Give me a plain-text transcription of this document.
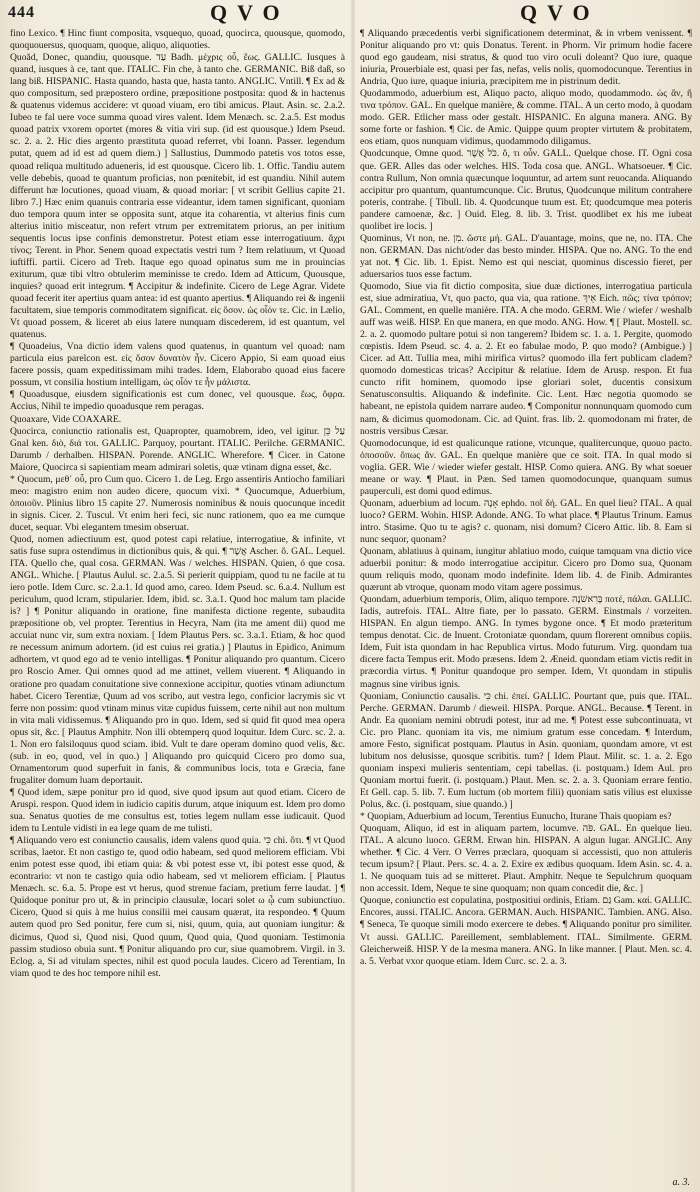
444	QVO	QVO

fino Lexico. ¶ Hinc fiunt composita, vsquequo, quoad, quocirca, quousque, quomodo, quoquouersus, quoquam, quoque, aliquo, aliquoties.

Quoăd, Donec, quandiu, quousque. עַד Badh. μέχρις οὗ, ἕως. GALLIC. Iusques à quand, iusques à ce, tant que. ITALIC. Fin che, à tanto che. GERMANIC. Biß daß, so lang biß. HISPANIC. Hasta quando, hasta que, hasta tanto. ANGLIC. Vntill. ¶ Ex ad & quo compositum, sed præpostero ordine, præpositione postposita: quod & in hactenus & quatenus videmus accidere: vt quoad viuam, ero tibi amicus. Plaut. Asin. sc. 2.a.2. Iubeo te fal uere voce summa quoad vires valent. Idem Menæch. sc. 2.a.5. Est modus quoad patrix vxorem oportet (mores & vitia viri sup. (id est quousque.) Idem Pseud. sc. 2. a. 2. Hic dies argento præstituta quoad referret, vbi Ioann. Passer. legendum putat, quem ad id est ad quem diem.) ] Sallustius, Dummodo patetis vos totos esse, quoad reliqua multitudo adueneris, id est quousque. Cicero lib. 1. Offic. Tandiu autem velle debebis, quoad te quantum proficias, non pœnitebit, id est quandiu. Nihil autem differunt hæ locutiones, quoad viuam, & quoad moriar: [ vt scribit Gellius capite 21. libro 7.] Hæc enim quanuis contraria esse videantur, idem tamen significant, quoniam duo tempora quum inter se opposita sunt, atque ita coharentia, vt alterius finis cum alterius initio misceatur, non refert vtrum per extremitatem priorus, an per initium sequentis locus ipse confinis demonstretur. Potest etiam esse interrogatiuum. ἄχρι τίνος; Terent. in Phor. Senem quoad expectatis vestri tum ? Item relatiuum, vt Quoad iuftiffi. partii. Cicero ad Treb. Itaque ego quoad opinatus sum me in prouincias exiturum, quæ tibi vltro obtulerim meminisse te credo. Idem ad Atticum, Quousque, inquies? quoad erit integrum. ¶ Accipitur & indefinite. Cicero de Lege Agrar. Videte quoad fecerit iter apertius quam antea: id est quanto apertius. ¶ Aliquando rei & ingenii facultatem, siue temporis commoditatem significat. εἰς ὅσον. ὡς οἷόν τε. Cic. in Lælio, Vt quoad possem, & liceret ab eius latere nunquam discederem, id est quantum, vel quatenus.

¶ Quoadeius, Vna dictio idem valens quod quatenus, in quantum vel quoad: nam particula eius parelcon est. εἰς ὅσον δυνατὸν ἦν. Cicero Appio, Si eam quoad eius facere possis, quam expeditissimam mihi trades. Idem, Elaborabo quoad eius facere possum, vt consilia hostium intelligam, ὡς οἷόν τε ἦν μάλιστα.

¶ Quoadusque, eiusdem significationis est cum donec, vel quousque. ἕως, ὄφρα. Accius, Nihil te impedio quoadusque rem peragas.

Quoaxare, Vide COAXARE.

Quocirca, coniunctio rationalis est, Quapropter, quamobrem, ideo, vel igitur. עַל כֵּן Gnal ken. διὸ, διά τοι. GALLIC. Parquoy, pourtant. ITALIC. Perilche. GERMANIC. Darumb / derhalben. HISPAN. Porende. ANGLIC. Wherefore. ¶ Cicer. in Catone Maiore, Quocirca si sapientiam meam admirari soletis, quæ vtinam digna esset, &c.

* Quocum, μεθ᾽ οὗ, pro Cum quo. Cicero 1. de Leg. Ergo assentiris Antiocho familiari meo: magistro enim non audeo dicere, quocum vixi. * Quocumque, Aduerbium, ὁποιοῦν. Plinius libro 15 capite 27. Numerosis nominibus & nouis quocunque incedit in signis. Cicer. 2. Tuscul. Vt enim heri feci, sic nunc rationem, quo ea me cumque ducet, sequar. Vbi elegantem tmesim obseruat.

Quod, nomen adiectiuum est, quod potest capi relatiue, interrogatiue, & infinite, vt satis fuse supra ostendimus in dictionibus quis, & qui. ¶ אֲשֶׁר Ascher. ὅ. GAL. Lequel. ITA. Quello che, qual cosa. GERMAN. Was / welches. HISPAN. Quien, ó que cosa. ANGL. Whiche. [ Plautus Aulul. sc. 2.a.5. Si perierit quippiam, quod tu ne facile at tu iero potle. Idem Curc. sc. 2.a.1. Id quod amo, careo. Idem Pseud. sc. 6.a.4. Nullum est periculum, quod lcram, stipularier. Idem, ibid. sc. 3.a.1. Quod hoc malum tam placide is? ] ¶ Ponitur aliquando in oratione, fine manifesta dictione regente, subaudita præpositione ob, vel propter. Terentius in Hecyra, Nam (ita me ament dii) quod me accuiat nunc vir, sum extra noxiam. [ Idem Plautus Pers. sc. 3.a.1. Etiam, & hoc quod re necessum animum adortem. (id est cuius rei gratia.) ] Plautus in Epidico, Animum adhortem, vt quod ego ad te venio intelligas. ¶ Ponitur aliquando pro quantum. Cicero pro Roscio Amer. Qui omnes quod ad me attinet, vellem viuerent. ¶ Aliquando in oratione pro quadam conuitatione sive connexione accipitur, quoties vtinam adiunctum habet. Cicero Terentiæ, Quum ad vos scribo, aut vestra lego, conficior lacrymis sic vt ferre non possim: quod vtinam minus vitæ cupidus fuissem, certe nihil aut non multum in vita mali vidissemus. ¶ Aliquando pro in quo. Idem, sed si quid fit quod mea opera opus sit, &c. [ Plautus Amphitr. Non illi obtemperq quod loquitur. Idem Curc. sc. 2. a. 1. Non ero falsiloquus quod sciam. ibid. Vult te dare operam domino quod velis, &c. (sub. in eo, quod, vel in quo.) ] Aliquando pro quicquid Cicero pro domo sua, Ornamentorum quod superfuit in fanis, & communibus locis, tota e Græcia, fane frugaliter domum luam deportauit.

¶ Quod idem, sæpe ponitur pro id quod, sive quod ipsum aut quod etiam. Cicero de Aruspi. respon. Quod idem in iudicio capitis durum, atque iniquum est. Idem pro domo sua. Senatus quoties de me consultus est, toties legem nullam esse iudicauit. Quod idem tu Lentule vidisti in ea lege quam de me tulisti.

¶ Aliquando vero est coniunctio causalis, idem valens quod quia. כִּי chi. ὅτι. ¶ vt Quod scribas, laetor. Et non castigo te, quod odio habeam, sed quod meliorem efficiam. Vbi enim potest esse quod, ibi etiam quia: & vbi potest esse vt, ibi potest esse quod, & econtrario: vt non te castigo quia odio habeam, sed vt meliorem efficiam. [ Plautus Menæch. sc. 6.a. 5. Prope est vt herus, quod strenue faciam, pretium ferre laudat. ] ¶ Quidoque ponitur pro ut, & in principio clausulæ, locari solet ω ᾧ cum subiunctiuo. Cicero, Quod si quis à me huius consilii mei causam quærat, ita respondeo. ¶ Quum autem quod pro Sed ponitur, fere cum si, nisi, quum, quia, aut quoniam iungitur: & dicimus, Quod si, Quod nisi, Quod quum, Quod quia, Quod quoniam. Testimonia passim studioso obuia sunt. ¶ Ponitur aliquando pro cur, siue quamobrem. Virgil. in 3. Eclog. a, Si ad vitulam spectes, nihil est quod pocula laudes. Cicero ad Terentiam, In viam quod te des hoc tempore nihil est.

¶ Aliquando præcedentis verbi significationem determinat, & in vrbem venissent. ¶ Ponitur aliquando pro vt: quis Donatus. Terent. in Phorm. Vir primum hodie facere quod ego gaudeam, nisi stratus, & quod tuo viro oculi doleant? Quo iure, quaque iniuria, Prouerbiale est, quasi per fas, nefas, velis nolis, quomodocunque. Terentius in Andria, Quo iure, quaque iniuria, præcipitem me in pistrinum dedit.

Quodammodo, aduerbium est, Aliquo pacto, aliquo modo, quodammodo. ὡς ἄν, ἤ τινα τρόπον. GAL. En quelque manière, & comme. ITAL. A un certo modo, à quodam modo. GER. Etlicher mass oder gestalt. HISPANIC. En alguna manera. ANG. By some forte or fashion. ¶ Cic. de Amic. Quippe quum propter virtutem & probitatem, eos etiam, quos nunquam vidimus, quodammodo diligamus.

Quodcunque, Omne quod. כֹּל אֲשֶׁר. ὅ, τι οὖν. GALL. Quelque chose. IT. Ogni cosa que. GER. Alles das oder welches. HIS. Toda cosa que. ANGL. Whatsoeuer. ¶ Cic. contra Rullum, Non omnia quæcunque loquuntur, ad artem sunt reuocanda. Aliquando accipitur pro quantum, quantumcunque. Cic. Brutus, Quodcunque militum contrahere poteris, contrahe. [ Tibull. lib. 4. Quodcunque tuum est. Et; quodcumque mea poteris pandere camoenæ, &c. ] Ouid. Eleg. 8. lib. 3. Trist. quodlibet ex his me iubeat quolibet ire locis. ]

Quominus, Vt non, ne. מִן. ὥστε μή. GAL. D'auantage, moins, que ne, no. ITA. Che non. GERMAN. Das nicht/oder das besto minder. HISPA. Que no. ANG. To the end yat not. ¶ Cic. lib. 1. Epist. Nemo est qui nesciat, quominus discessio fieret, per aduersarios tuos esse factum.

Quomodo, Siue via fit dictio composita, siue duæ dictiones, interrogatiua particula est, siue admiratiua, Vt, quo pacto, qua via, qua ratione. אֵיךְ Eich. πῶς; τίνα τρόπον; GAL. Comment, en quelle manière. ITA. A che modo. GERM. Wie / wiefer / weshalb auff was weiß. HISP. En que manera, en que modo. ANG. How. ¶ [ Plaut. Mostell. sc. 2. a. 2. quomodo pultare potui si non tangerem? Ibidem sc. 1. a. 1. Pergite, quomodo cœpistis. Idem Pseud. sc. 4. a. 2. Et eo fabulae modo, P. quo modo? (Ambigue.) ] Cicer. ad Att. Tullia mea, mihi mirifica virtus? quomodo illa fert publicam cladem? quomodo domesticas tricas? Accipitur & relatiue. Idem de Arusp. respon. Et fua cuncto rifit hominem, quomodo ipse gloriari solet, ducentis consixum Senatusconsultis. Aliquando & indefinite. Cic. Lent. Hæc negotia quomodo se habeant, ne epistola quidem narrare audeo. ¶ Componitur nonnunquam quomodo cum nam, & dicimus quomodonam. Cic. ad Quint. fras. lib. 2. quomodonam mi frater, de nostris versibus Cæsar.

Quomodocunque, id est qualicunque ratione, vtcunque, qualitercunque, quouo pacto. ὁποσοῦν. ὅπως ἄν. GAL. En quelque manière que ce soit. ITA. In qual modo si voglia. GER. Wie / wieder wiefer gestalt. HISP. Como quiera. ANG. By what soeuer meane or way. ¶ Plaut. in Pæn. Sed tamen quomodocunque, quanquam sumus pauperculi, est domi quod edimus.

Quonam, aduerbium ad locum. אָנָה ephdo. ποῖ δή. GAL. En quel lieu? ITAL. A qual luoco? GERM. Wohin. HISP. Adonde. ANG. To what place. ¶ Plautus Trinum. Eamus intro. Stasime. Quo tu te agis? c. quonam, nisi domum? Cicero Attic. lib. 8. Eam si nunc sequor, quonam?

Quonam, ablatiuus à quinam, iungitur ablatiuo modo, cuique tamquam vna dictio vice aduerbii ponitur: & modo interrogatiue accipitur. Cicero pro Domo sua, Quonam quum reliquis modo, quonam modo indefinite. Idem lib. 4. de Finib. Admirantes quærunt ab vtroque, quonam modo vitam agere possimus.

Quondam, aduerbium temporis, Olim, aliquo tempore. בָּרִאשֹׁנָה ποτέ, πάλαι. GALLIC. Iadis, autrefois. ITAL. Altre fiate, per lo passato. GERM. Einstmals / vorzeiten. HISPAN. En algun tiempo. ANG. In tymes bygone once. ¶ Et modo præteritum tempus denotat. Cic. de Inuent. Crotoniatæ quondam, quum florerent omnibus copiis. Idem, Fuit ista quondam in hac Republica virtus. Modo futurum. Virg. quondam tua dicere facta Tempus erit. Modo præsens. Idem 2. Æneid. quondam etiam victis redit in præcordia virtus. ¶ Ponitur quandoque pro semper. Idem, Vt quondam in stipulis magnus sine viribus ignis.

Quoniam, Coniunctio causalis. כִּי chi. ἐπεί. GALLIC. Pourtant que, puis que. ITAL. Perche. GERMAN. Darumb / dieweil. HISPA. Porque. ANGL. Because. ¶ Terent. in Andr. Ea quoniam nemini obtrudi potest, itur ad me. ¶ Potest esse subcontinuata, vt Cic. pro Planc. quoniam ita vis, me nimium gratum esse concedam. ¶ Interdum, amore Festo, significat postquam. Plautus in Asin. quoniam, quondam amore, vt est lubitum nos delusisse, quosque scribitis. tum? [ Idem Plaut. Milit. sc. 1. a. 2. Ego quoniam inspexi mulieris sententiam, cepi tabellas. (i. postquam.) Idem Aul. pro Quoniam mortui fuerit. (i. postquam.) Plaut. Men. sc. 2. a. 3. Quoniam errare fentio. Et Gell. cap. 5. lib. 7. Eum luctum (ob mortem filii) quoniam satis vilius est eluxisse Polus, &c. (i. postquam, siue quando.) ]

* Quopiam, Aduerbium ad locum, Terentius Eunucho, Iturane Thais quopiam es?

Quoquam, Aliquo, id est in aliquam partem, locumve. פֹּה. GAL. En quelque lieu. ITAL. A alcuno luoco. GERM. Etwan hin. HISPAN. A algun lugar. ANGLIC. Any whether. ¶ Cic. 4 Verr. O Verres præclara, quoquam si accessisti, quo non attuleris tecum ipsum? [ Plaut. Pers. sc. 4. a. 2. Exire ex ædibus quoquam. Idem Asin. sc. 4. a. 1. Ne quoquam tuis ad se mitteret. Plaut. Amphitr. Neque te Sepulchrum quoquam non accessit. Idem, Neque te sine quoquam; non quam concedit die, &c. ]

Quoque, coniunctio est copulatina, postpositiui ordinis, Etiam. גַּם Gam. καί. GALLIC. Encores, aussi. ITALIC. Ancora. GERMAN. Auch. HISPANIC. Tambien. ANG. Also. ¶ Seneca, Te quoque simili modo exercere te debes. ¶ Aliquando ponitur pro similiter. Vt aussi. GALLIC. Pareillement, semblablement. ITAL. Similmente. GERM. Gleicherweiß. HISP. Y de la mesma manera. ANG. In like manner. [ Plaut. Men. sc. 4. a. 5. Verbat vxor quoque etiam. Idem Curc. sc. 2. a. 3.

a. 3.
